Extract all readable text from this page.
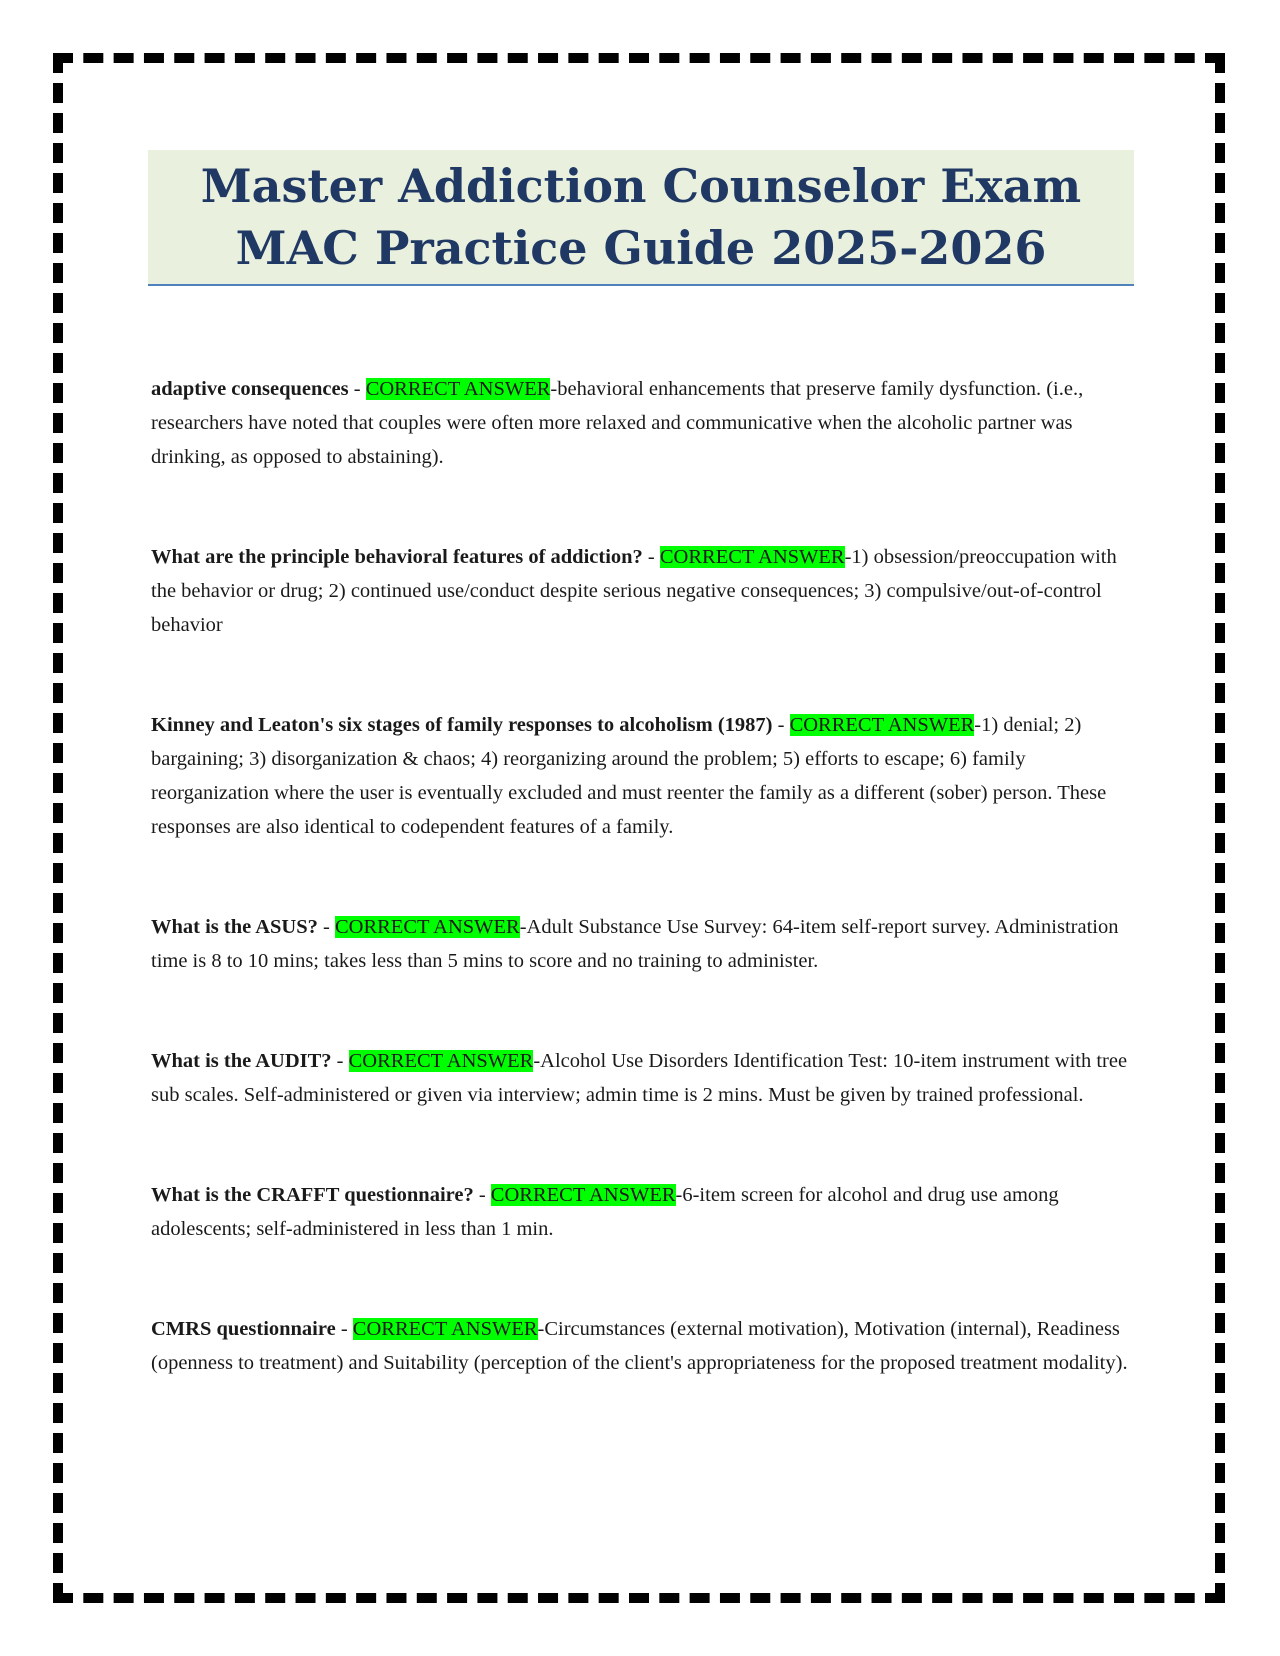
Master Addiction Counselor Exam
MAC Practice Guide 2025-2026

adaptive consequences - CORRECT ANSWER-behavioral enhancements that preserve family dysfunction. (i.e., researchers have noted that couples were often more relaxed and communicative when the alcoholic partner was drinking, as opposed to abstaining).

What are the principle behavioral features of addiction? - CORRECT ANSWER-1) obsession/preoccupation with the behavior or drug; 2) continued use/conduct despite serious negative consequences; 3) compulsive/out-of-control behavior

Kinney and Leaton's six stages of family responses to alcoholism (1987) - CORRECT ANSWER-1) denial; 2) bargaining; 3) disorganization & chaos; 4) reorganizing around the problem; 5) efforts to escape; 6) family reorganization where the user is eventually excluded and must reenter the family as a different (sober) person. These responses are also identical to codependent features of a family.

What is the ASUS? - CORRECT ANSWER-Adult Substance Use Survey: 64-item self-report survey. Administration time is 8 to 10 mins; takes less than 5 mins to score and no training to administer.

What is the AUDIT? - CORRECT ANSWER-Alcohol Use Disorders Identification Test: 10-item instrument with tree sub scales. Self-administered or given via interview; admin time is 2 mins. Must be given by trained professional.

What is the CRAFFT questionnaire? - CORRECT ANSWER-6-item screen for alcohol and drug use among adolescents; self-administered in less than 1 min.

CMRS questionnaire - CORRECT ANSWER-Circumstances (external motivation), Motivation (internal), Readiness (openness to treatment) and Suitability (perception of the client's appropriateness for the proposed treatment modality).
